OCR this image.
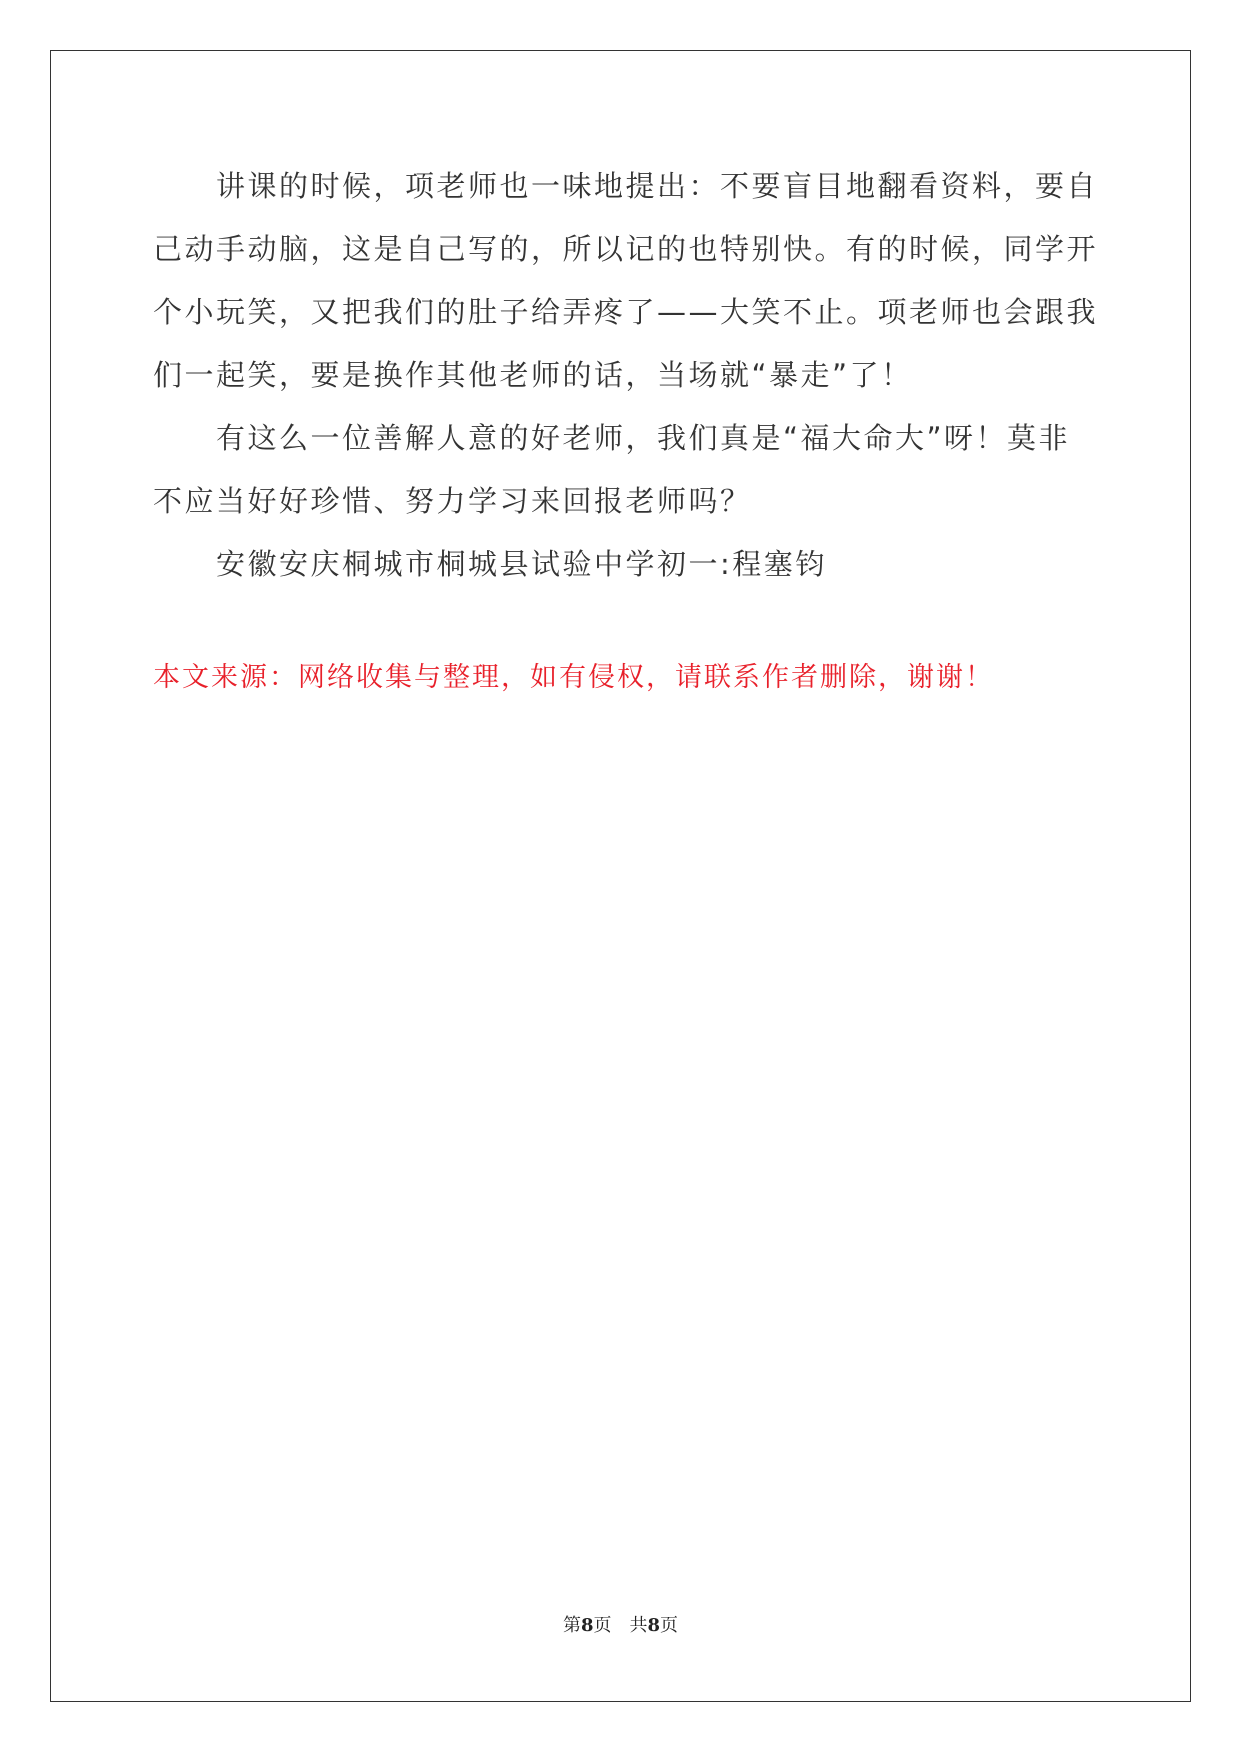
　　讲课的时候，项老师也一味地提出：不要盲目地翻看资料，要自
己动手动脑，这是自己写的，所以记的也特别快。有的时候，同学开
个小玩笑，又把我们的肚子给弄疼了——大笑不止。项老师也会跟我
们一起笑，要是换作其他老师的话，当场就“暴走”了！
　　有这么一位善解人意的好老师，我们真是“福大命大”呀！莫非
不应当好好珍惜、努力学习来回报老师吗？
　　安徽安庆桐城市桐城县试验中学初一:程塞钧
本文来源：网络收集与整理，如有侵权，请联系作者删除，谢谢！
第8页 共8页
